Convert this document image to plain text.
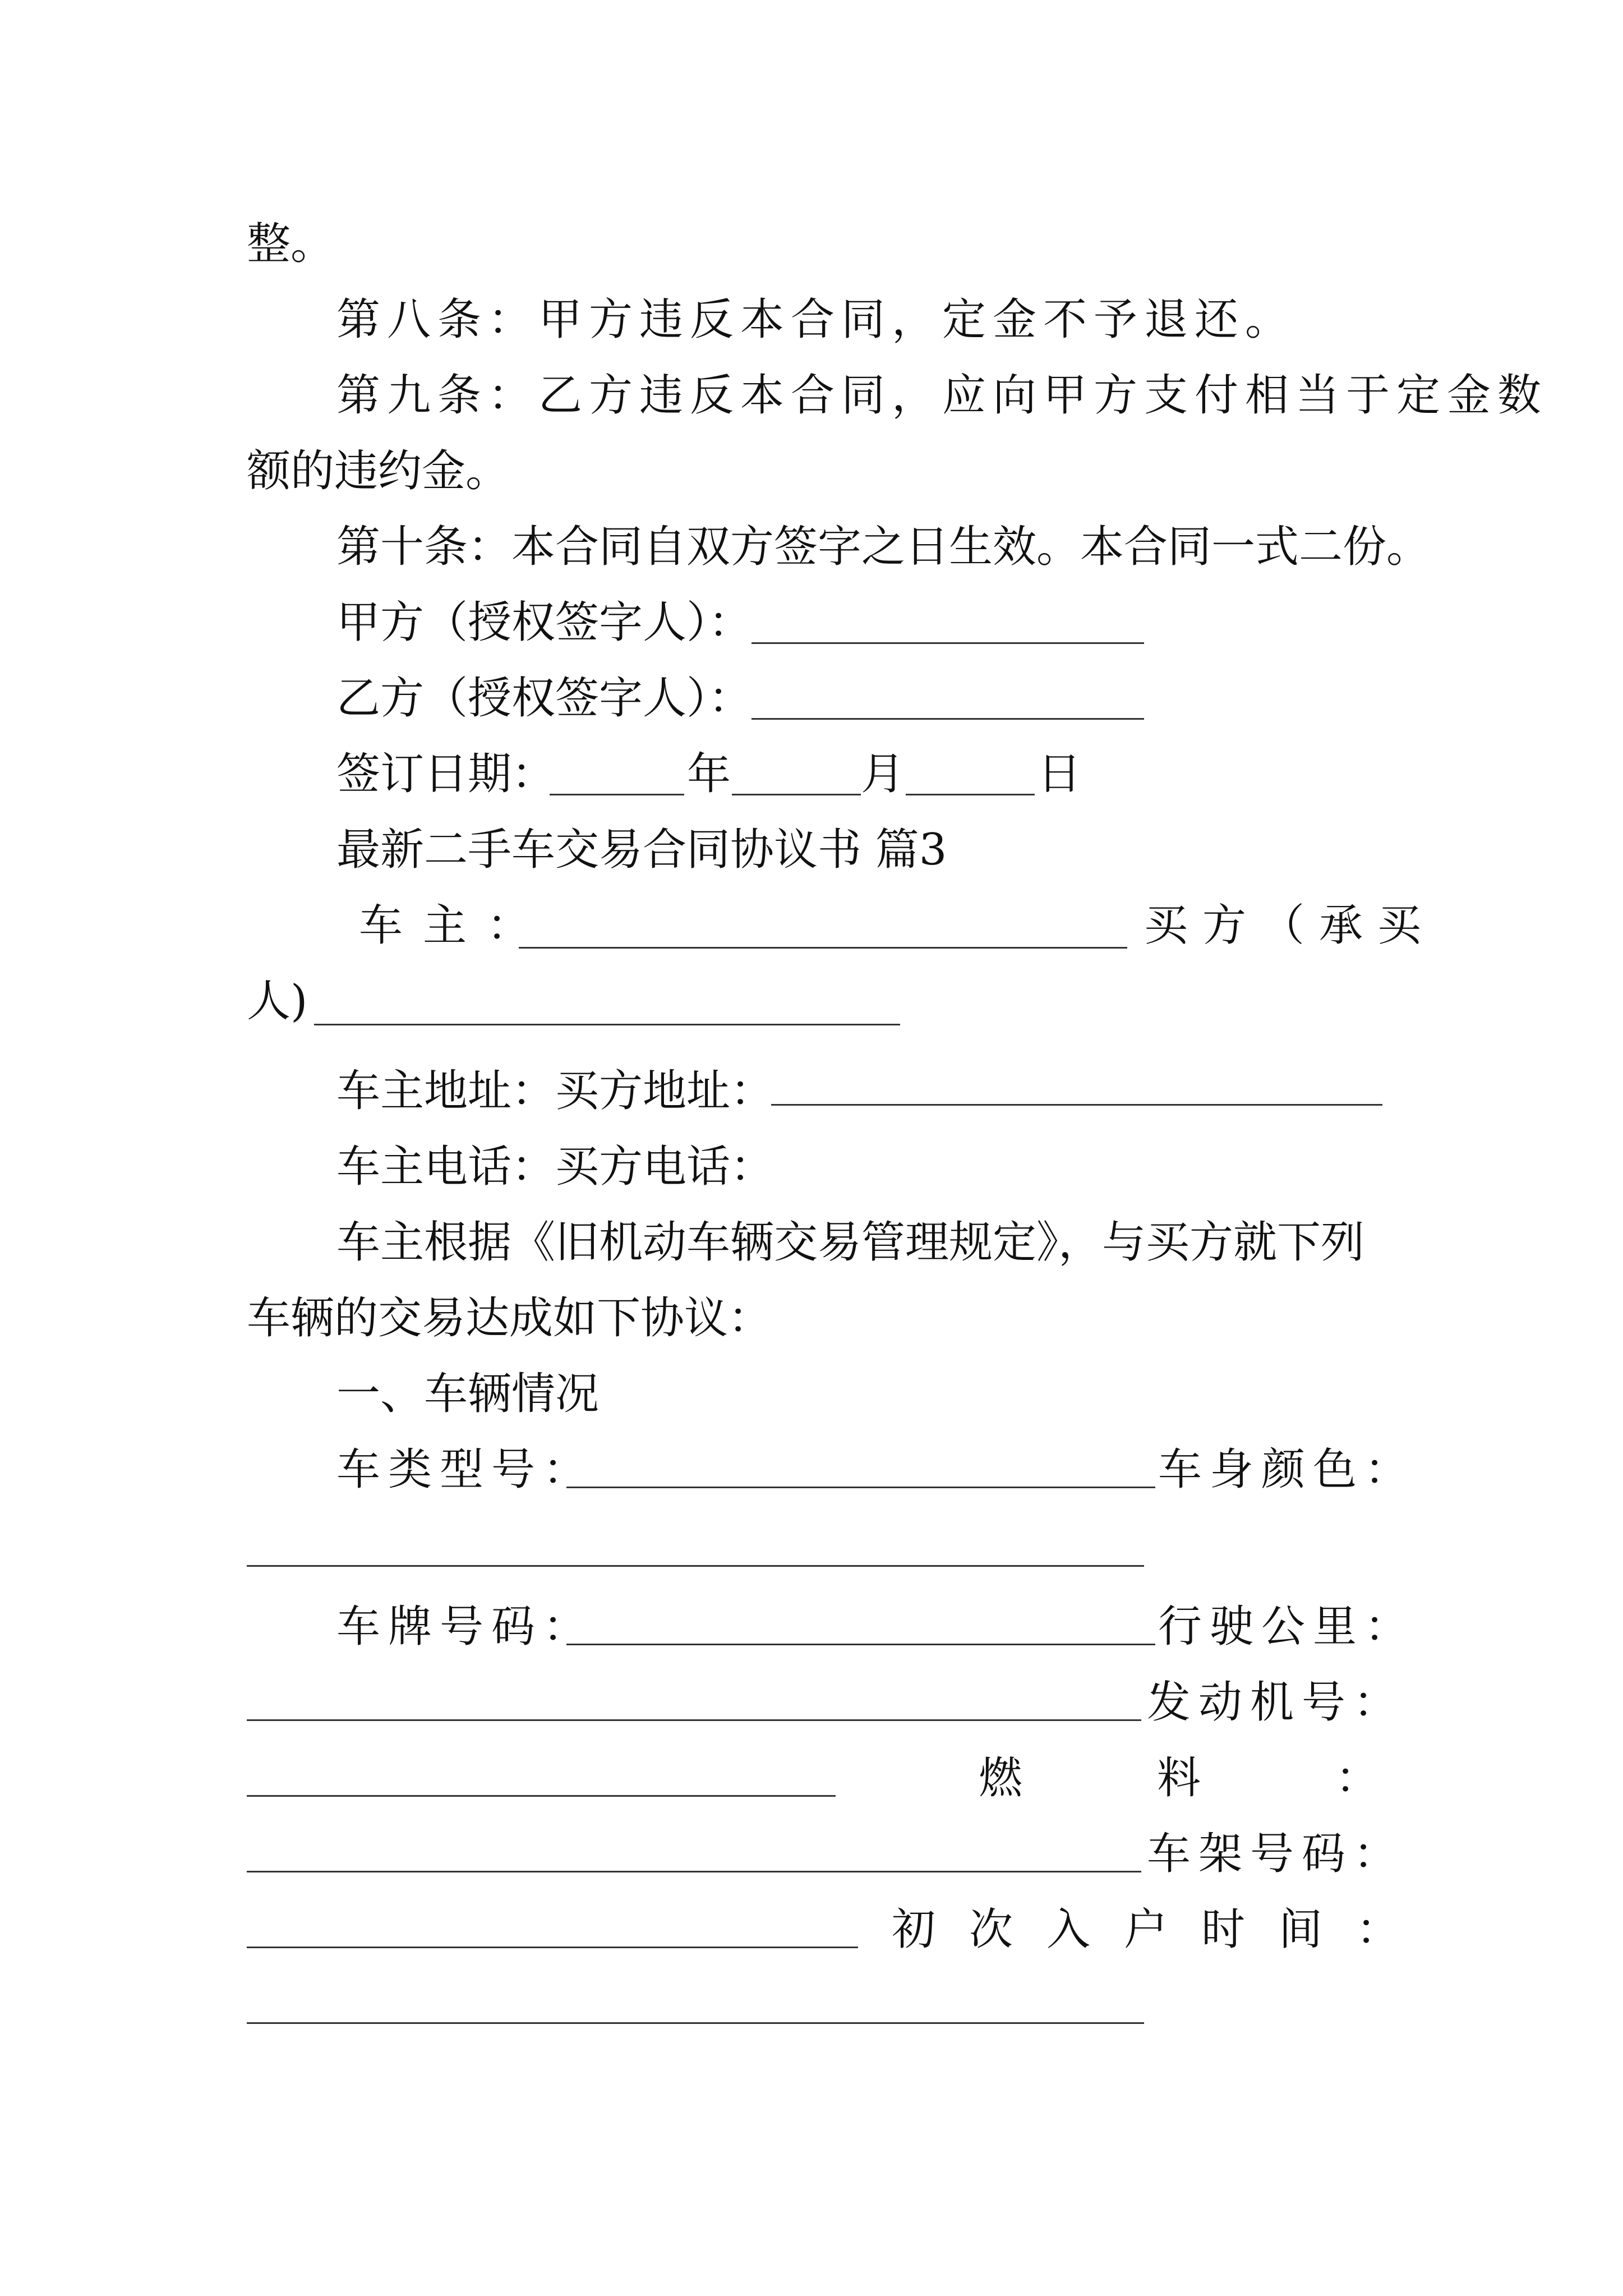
整。
第八条：甲方违反本合同，定金不予退还。
第九条：乙方违反本合同，应向甲方支付相当于定金数
额的违约金。
第十条：本合同自双方签字之日生效。本合同一式二份。
甲方（授权签字人）：
乙方（授权签字人）：
签订日期：	年	月	日
最新二手车交易合同协议书 篇3
车主：	买方（承买
人)
车主地址：买方地址：
车主电话：买方电话：
车主根据《旧机动车辆交易管理规定》，与买方就下列
车辆的交易达成如下协议：
一、车辆情况
车类型号：	车身颜色：
车牌号码：	行驶公里：
发动机号：
燃料：
车架号码：
初次入户时间：
